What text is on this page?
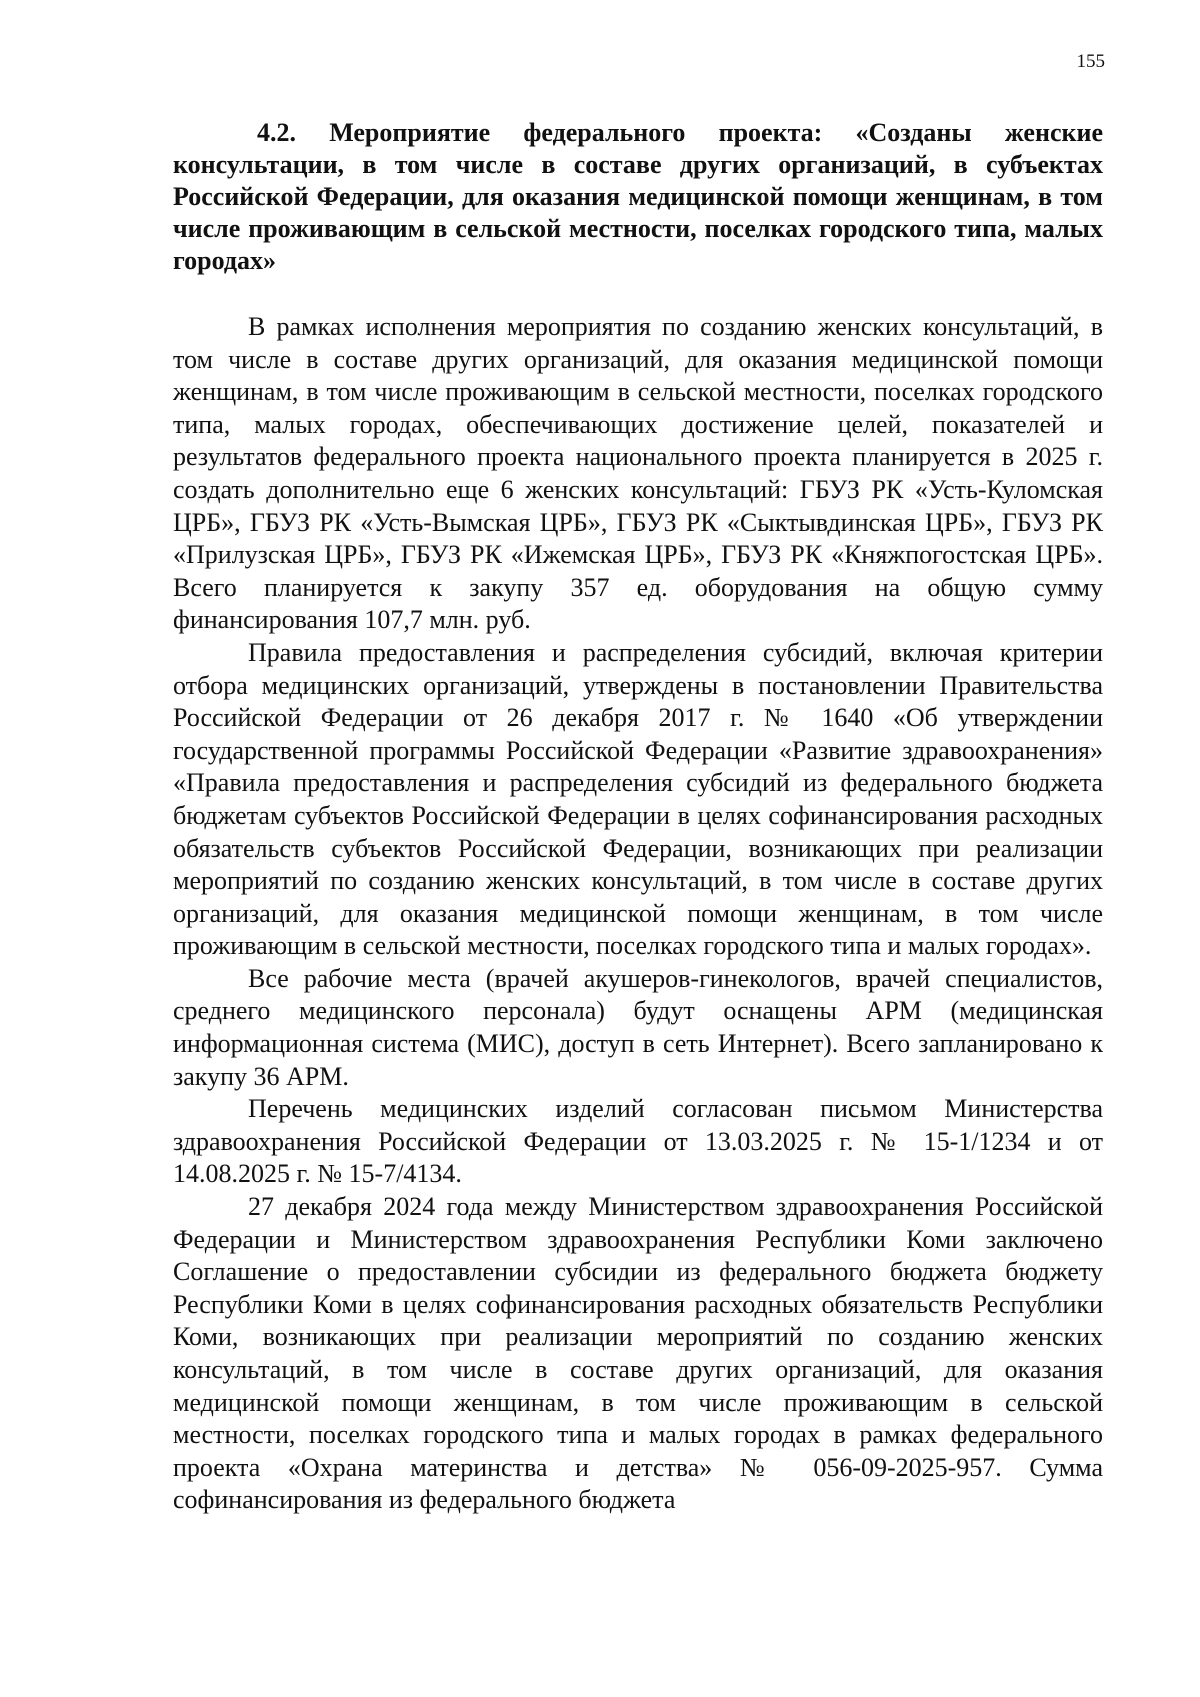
155

4.2. Мероприятие федерального проекта: «Созданы женские консультации, в том числе в составе других организаций, в субъектах Российской Федерации, для оказания медицинской помощи женщинам, в том числе проживающим в сельской местности, поселках городского типа, малых городах»

В рамках исполнения мероприятия по созданию женских консультаций, в том числе в составе других организаций, для оказания медицинской помощи женщинам, в том числе проживающим в сельской местности, поселках городского типа, малых городах, обеспечивающих достижение целей, показателей и результатов федерального проекта национального проекта планируется в 2025 г. создать дополнительно еще 6 женских консультаций: ГБУЗ РК «Усть-Куломская ЦРБ», ГБУЗ РК «Усть-Вымская ЦРБ», ГБУЗ РК «Сыктывдинская ЦРБ», ГБУЗ РК «Прилузская ЦРБ», ГБУЗ РК «Ижемская ЦРБ», ГБУЗ РК «Княжпогостская ЦРБ». Всего планируется к закупу 357 ед. оборудования на общую сумму финансирования 107,7 млн. руб.

Правила предоставления и распределения субсидий, включая критерии отбора медицинских организаций, утверждены в постановлении Правительства Российской Федерации от 26 декабря 2017 г. № 1640 «Об утверждении государственной программы Российской Федерации «Развитие здравоохранения» «Правила предоставления и распределения субсидий из федерального бюджета бюджетам субъектов Российской Федерации в целях софинансирования расходных обязательств субъектов Российской Федерации, возникающих при реализации мероприятий по созданию женских консультаций, в том числе в составе других организаций, для оказания медицинской помощи женщинам, в том числе проживающим в сельской местности, поселках городского типа и малых городах».

Все рабочие места (врачей акушеров-гинекологов, врачей специалистов, среднего медицинского персонала) будут оснащены АРМ (медицинская информационная система (МИС), доступ в сеть Интернет). Всего запланировано к закупу 36 АРМ.

Перечень медицинских изделий согласован письмом Министерства здравоохранения Российской Федерации от 13.03.2025 г. № 15-1/1234 и от 14.08.2025 г. № 15-7/4134.

27 декабря 2024 года между Министерством здравоохранения Российской Федерации и Министерством здравоохранения Республики Коми заключено Соглашение о предоставлении субсидии из федерального бюджета бюджету Республики Коми в целях софинансирования расходных обязательств Республики Коми, возникающих при реализации мероприятий по созданию женских консультаций, в том числе в составе других организаций, для оказания медицинской помощи женщинам, в том числе проживающим в сельской местности, поселках городского типа и малых городах в рамках федерального проекта «Охрана материнства и детства» № 056-09-2025-957. Сумма софинансирования из федерального бюджета
